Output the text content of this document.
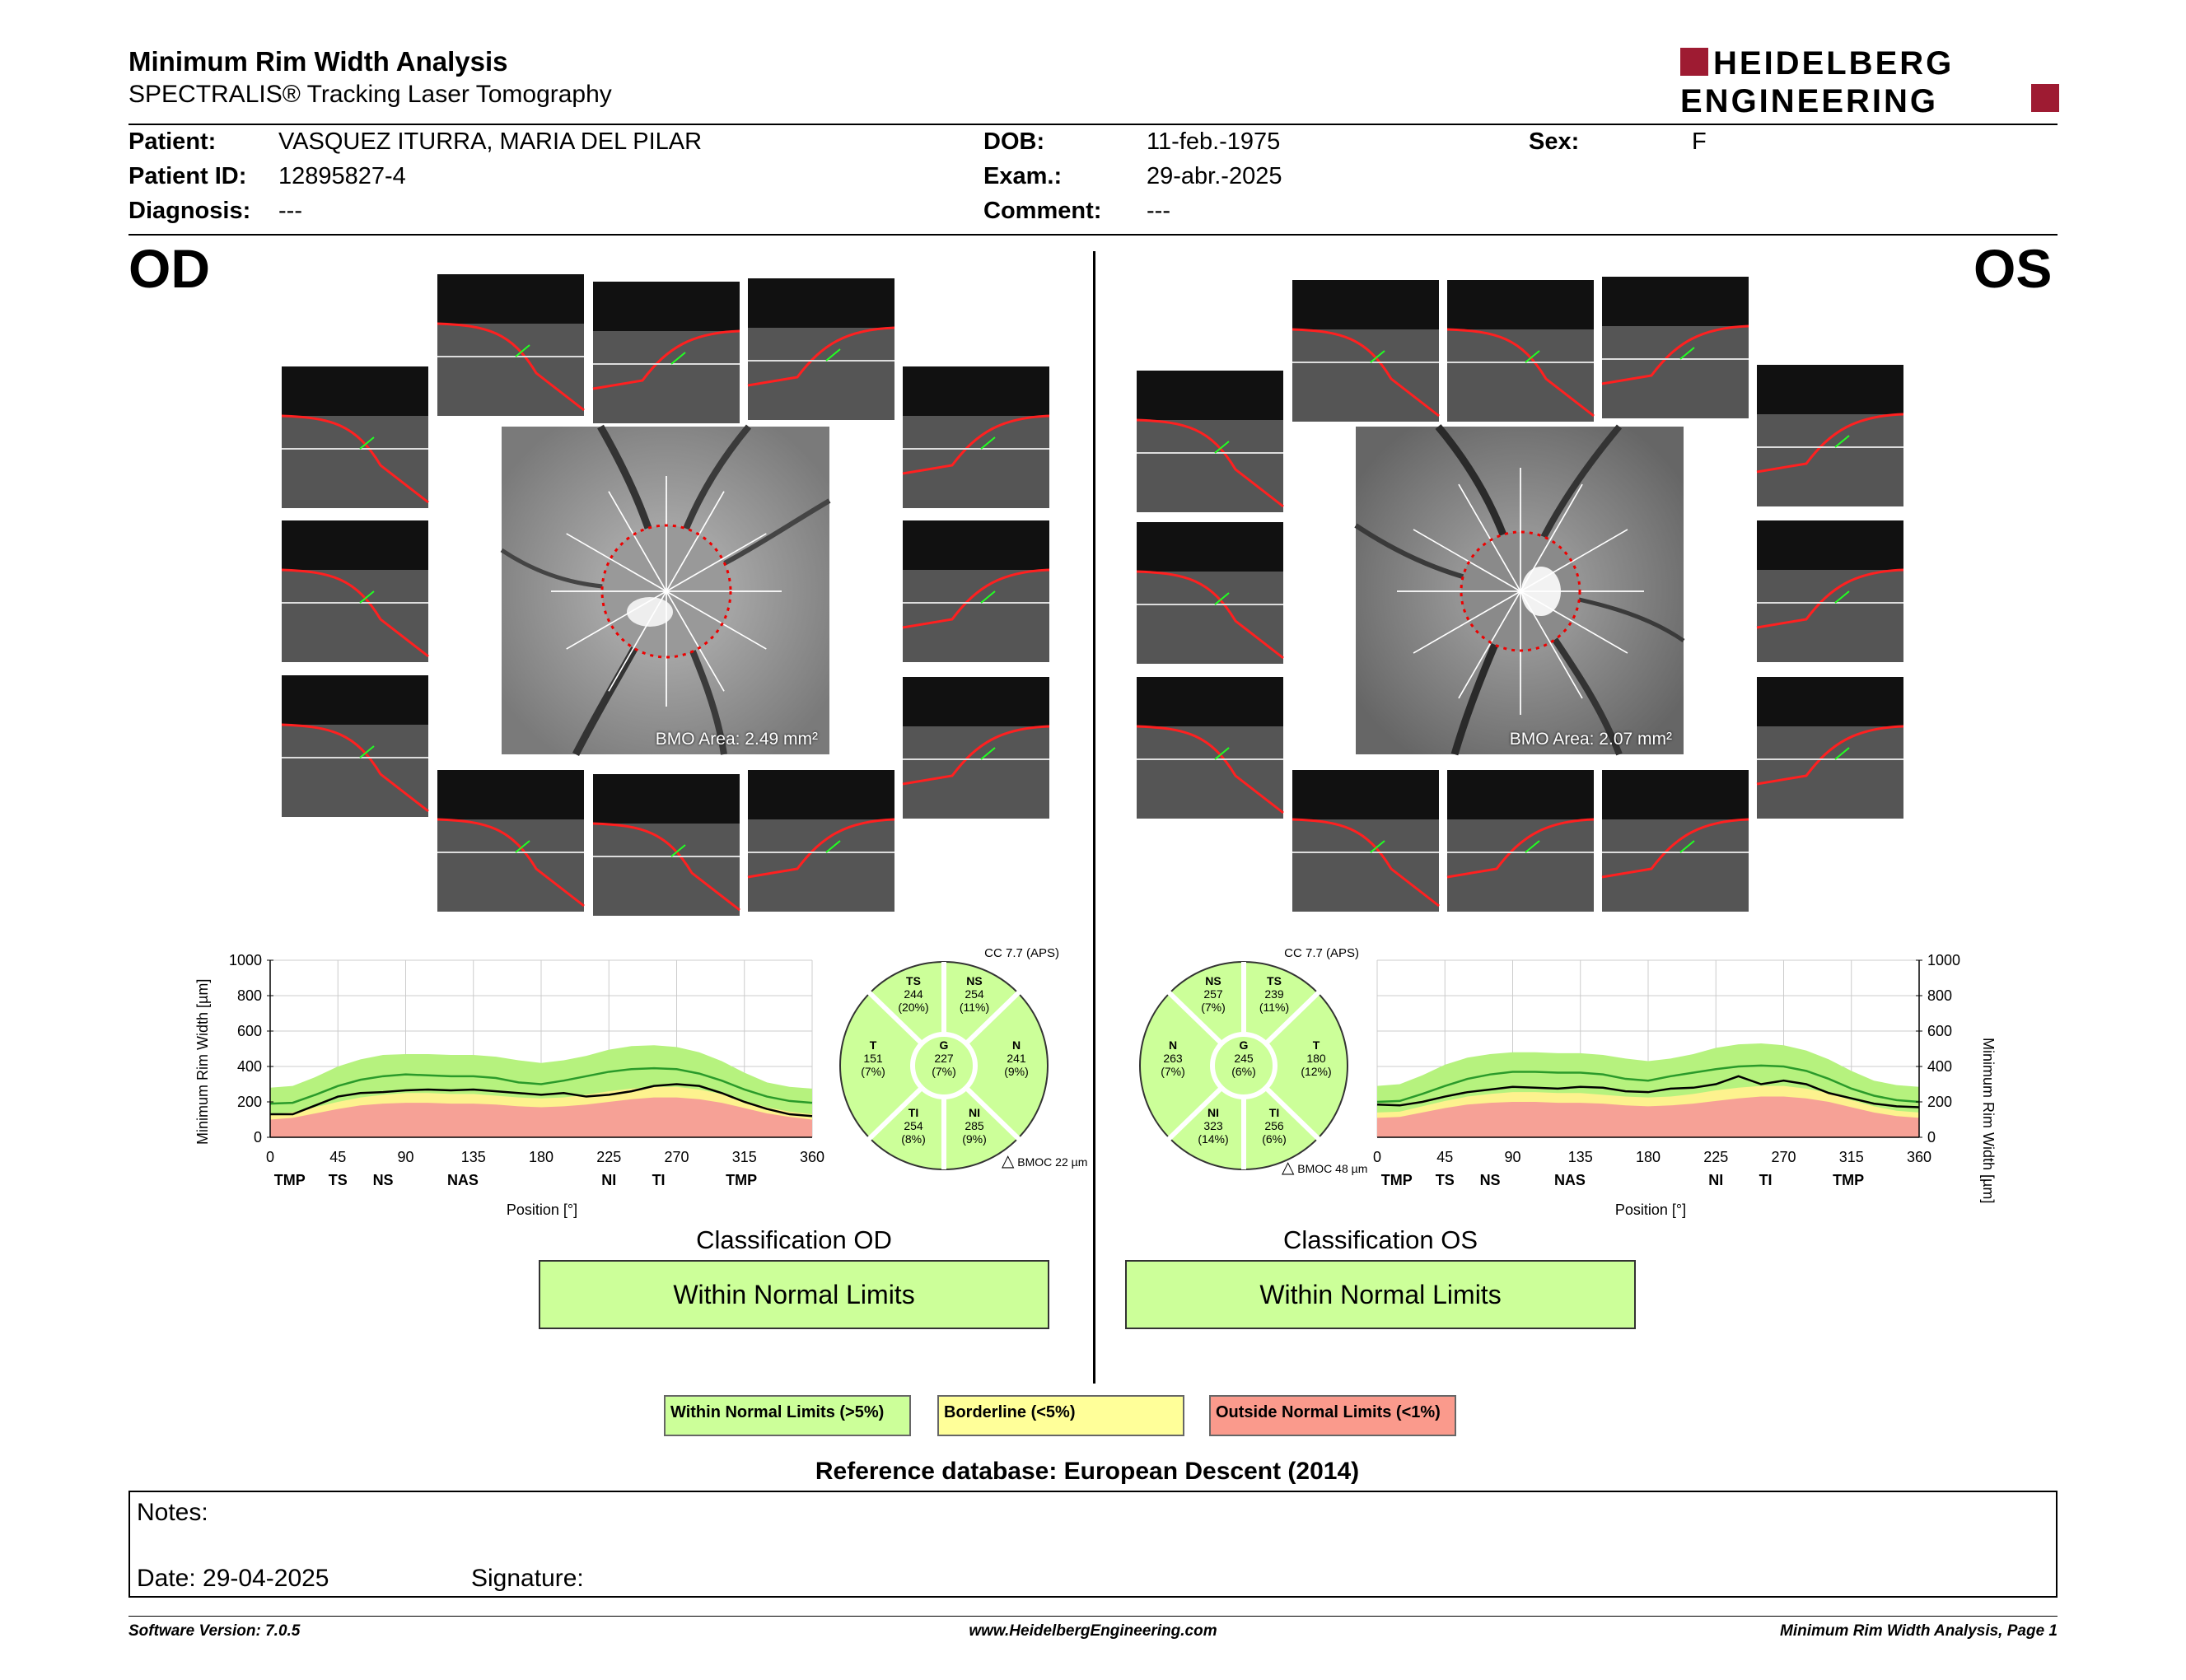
Minimum Rim Width Analysis
SPECTRALIS® Tracking Laser Tomography
HEIDELBERG
ENGINEERING
Patient:	VASQUEZ ITURRA, MARIA DEL PILAR
Patient ID: 12895827-4
Diagnosis: ---
DOB:	11-feb.-1975
Exam.:	29-abr.-2025
Comment: ---
Sex:	F
OD	OS
BMO Area: 2.49 mm²	BMO Area: 2.07 mm²
Minimum Rim Width [µm]	0
200
400
600
800
1000
0	45	90	135	180	225	270	315	360
TMP TS NS	NAS	NI TI	TMP
Position [°]
Minimum Rim Width [µm]
0
200
400
600
800
1000
0	45	90	135	180	225	270	315	360
TMP TS NS	NAS	NI TI	TMP
Position [°]
CC 7.7 (APS)
TS
244
(20%)
NS
254
(11%)
T
151
(7%)
G
227
(7%)
N
241
(9%)
TI
254
(8%)
NI
285
(9%)
△ BMOC 22 µm
CC 7.7 (APS)
NS
257
(7%)
TS
239
(11%)
N
263
(7%)
G
245
(6%)
T
180
(12%)
NI
323
(14%)
TI
256
(6%)
△ BMOC 48 µm
Classification OD
Within Normal Limits
Classification OS
Within Normal Limits
Within Normal Limits (>5%)	Borderline (<5%)	Outside Normal Limits (<1%)
Reference database: European Descent (2014)
Notes:
Date: 29-04-2025	Signature:
Software Version: 7.0.5	www.HeidelbergEngineering.com	Minimum Rim Width Analysis, Page 1
